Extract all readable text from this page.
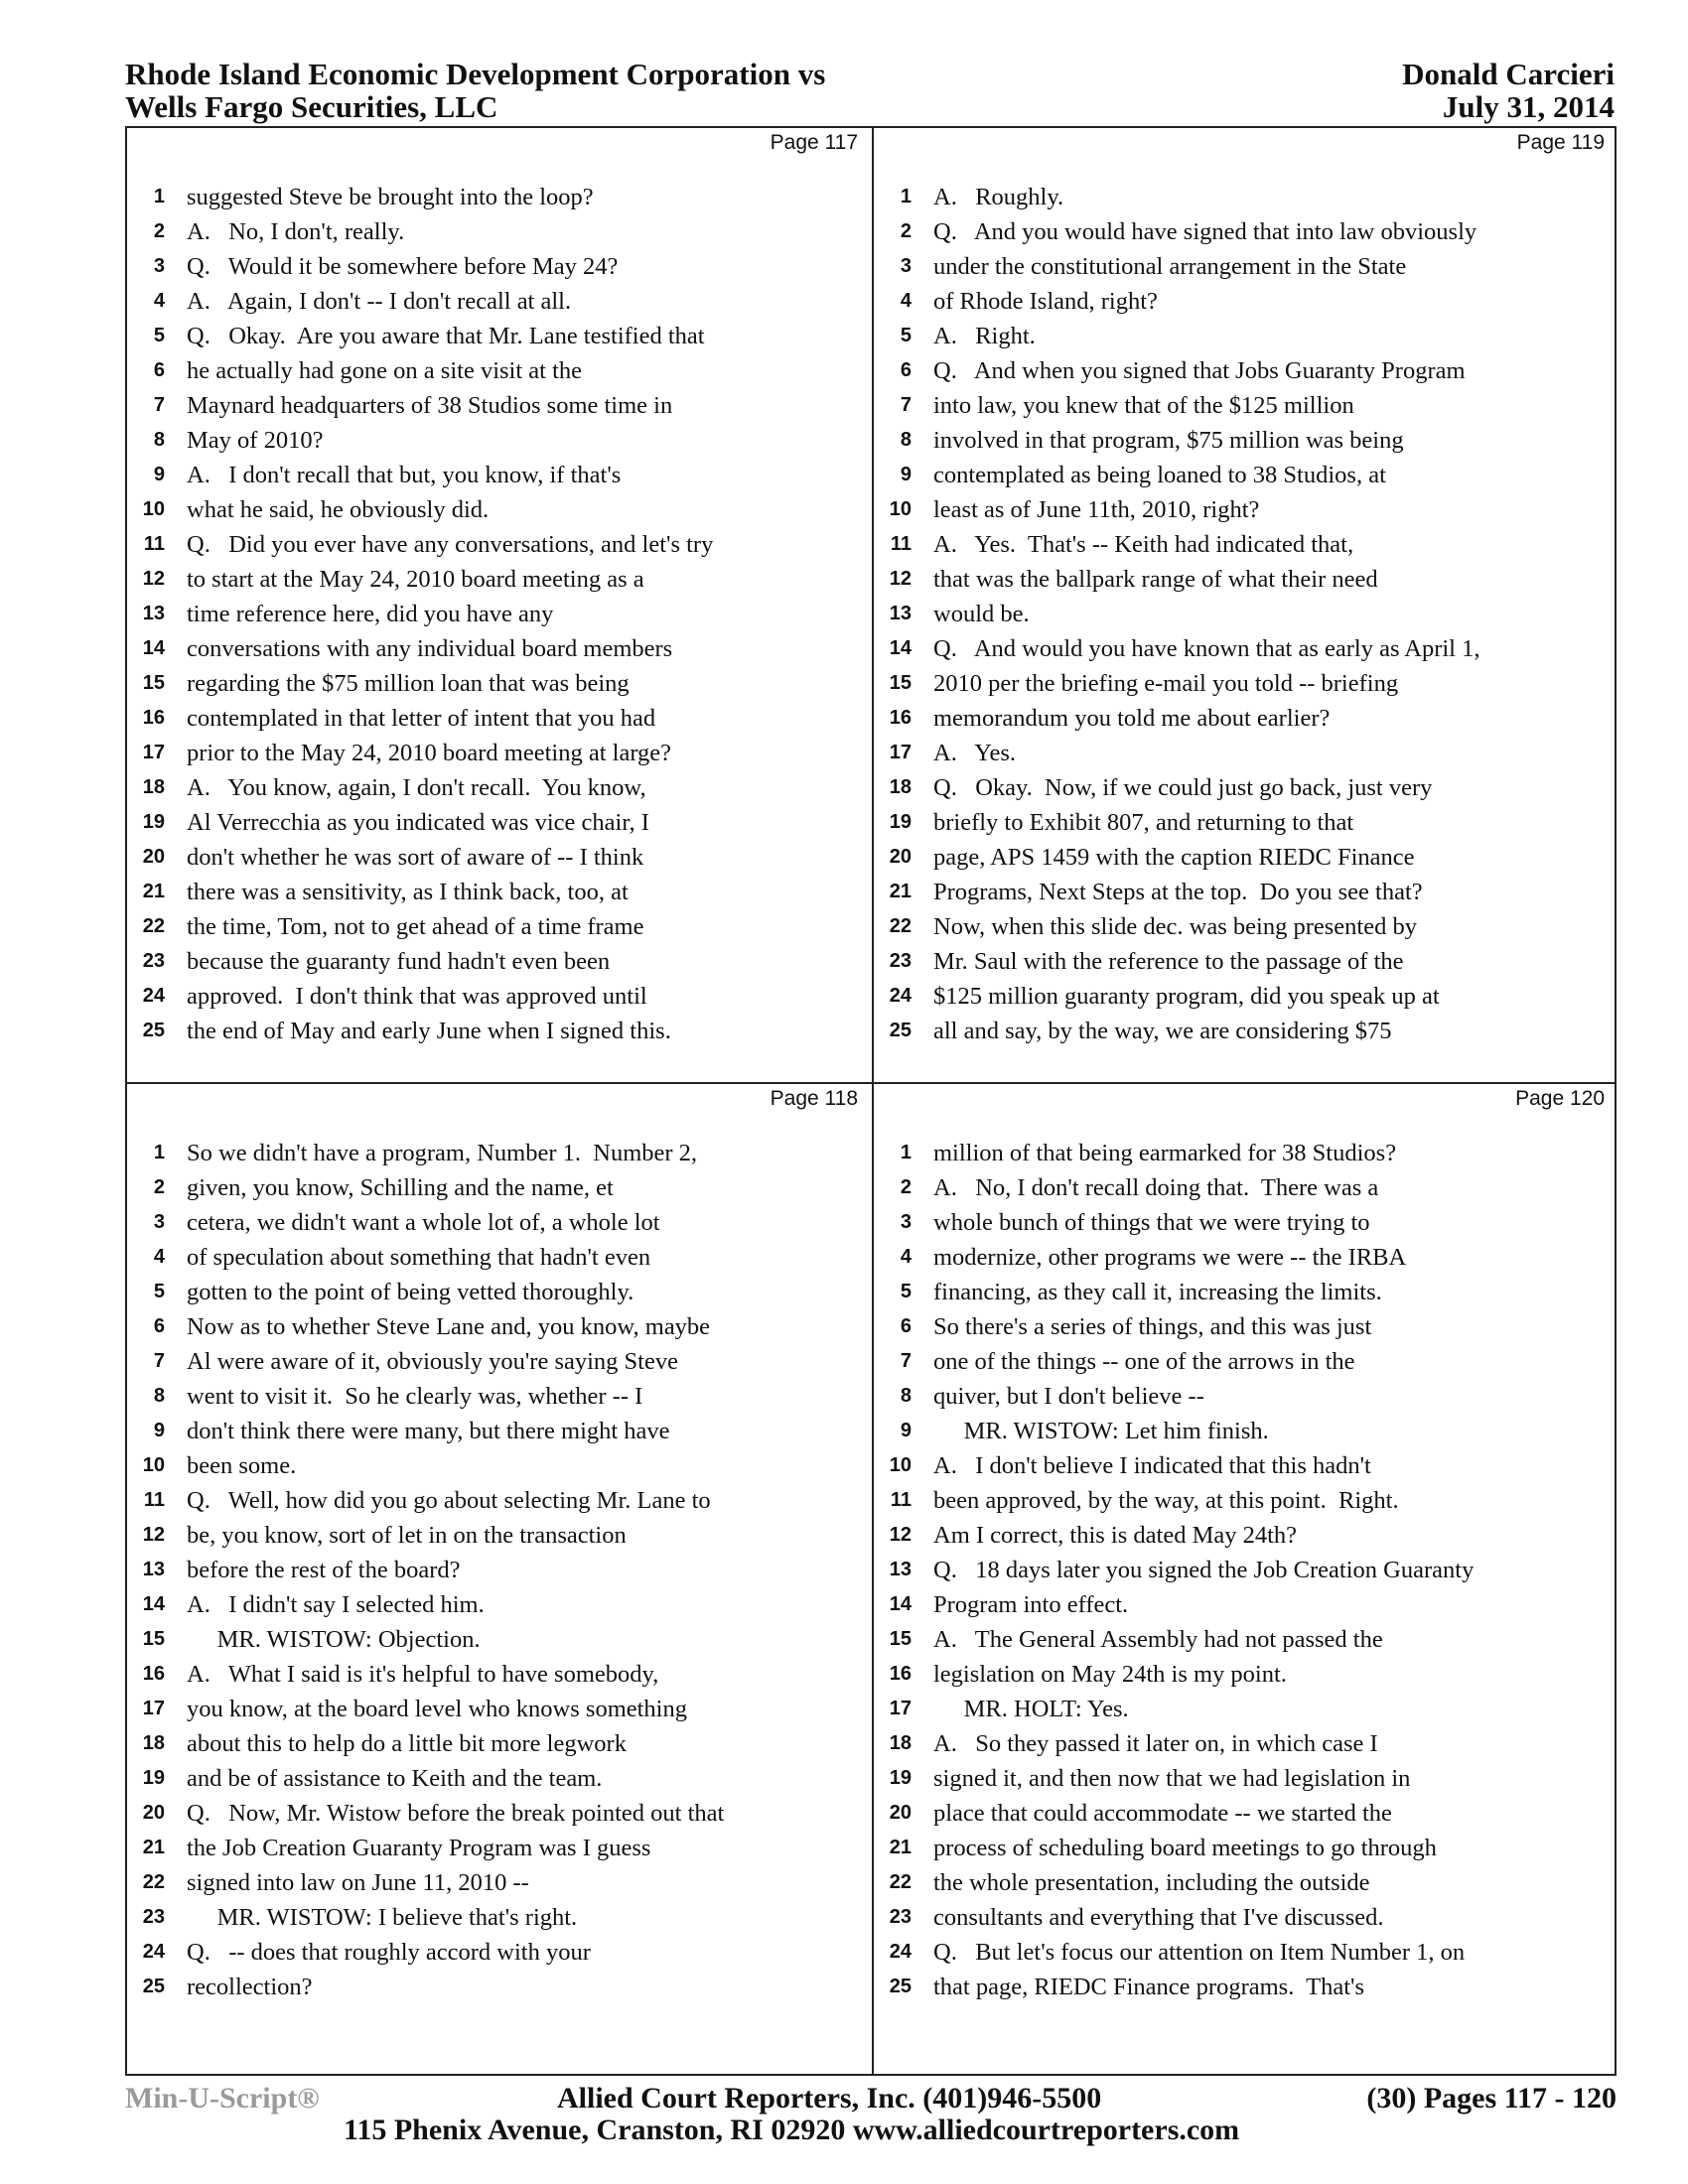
Rhode Island Economic Development Corporation vs
Wells Fargo Securities, LLC
Donald Carcieri
July 31, 2014
Page 117
1 suggested Steve be brought into the loop?
2 A.   No, I don't, really.
3 Q.   Would it be somewhere before May 24?
4 A.   Again, I don't -- I don't recall at all.
5 Q.   Okay.  Are you aware that Mr. Lane testified that
6 he actually had gone on a site visit at the
7 Maynard headquarters of 38 Studios some time in
8 May of 2010?
9 A.   I don't recall that but, you know, if that's
10 what he said, he obviously did.
11 Q.   Did you ever have any conversations, and let's try
12 to start at the May 24, 2010 board meeting as a
13 time reference here, did you have any
14 conversations with any individual board members
15 regarding the $75 million loan that was being
16 contemplated in that letter of intent that you had
17 prior to the May 24, 2010 board meeting at large?
18 A.   You know, again, I don't recall.  You know,
19 Al Verrecchia as you indicated was vice chair, I
20 don't whether he was sort of aware of -- I think
21 there was a sensitivity, as I think back, too, at
22 the time, Tom, not to get ahead of a time frame
23 because the guaranty fund hadn't even been
24 approved.  I don't think that was approved until
25 the end of May and early June when I signed this.
Page 119
1 A.   Roughly.
2 Q.   And you would have signed that into law obviously
3 under the constitutional arrangement in the State
4 of Rhode Island, right?
5 A.   Right.
6 Q.   And when you signed that Jobs Guaranty Program
7 into law, you knew that of the $125 million
8 involved in that program, $75 million was being
9 contemplated as being loaned to 38 Studios, at
10 least as of June 11th, 2010, right?
11 A.   Yes.  That's -- Keith had indicated that,
12 that was the ballpark range of what their need
13 would be.
14 Q.   And would you have known that as early as April 1,
15 2010 per the briefing e-mail you told -- briefing
16 memorandum you told me about earlier?
17 A.   Yes.
18 Q.   Okay.  Now, if we could just go back, just very
19 briefly to Exhibit 807, and returning to that
20 page, APS 1459 with the caption RIEDC Finance
21 Programs, Next Steps at the top.  Do you see that?
22 Now, when this slide dec. was being presented by
23 Mr. Saul with the reference to the passage of the
24 $125 million guaranty program, did you speak up at
25 all and say, by the way, we are considering $75
Page 118
1 So we didn't have a program, Number 1.  Number 2,
2 given, you know, Schilling and the name, et
3 cetera, we didn't want a whole lot of, a whole lot
4 of speculation about something that hadn't even
5 gotten to the point of being vetted thoroughly.
6 Now as to whether Steve Lane and, you know, maybe
7 Al were aware of it, obviously you're saying Steve
8 went to visit it.  So he clearly was, whether -- I
9 don't think there were many, but there might have
10 been some.
11 Q.   Well, how did you go about selecting Mr. Lane to
12 be, you know, sort of let in on the transaction
13 before the rest of the board?
14 A.   I didn't say I selected him.
15 MR. WISTOW: Objection.
16 A.   What I said is it's helpful to have somebody,
17 you know, at the board level who knows something
18 about this to help do a little bit more legwork
19 and be of assistance to Keith and the team.
20 Q.   Now, Mr. Wistow before the break pointed out that
21 the Job Creation Guaranty Program was I guess
22 signed into law on June 11, 2010 --
23 MR. WISTOW: I believe that's right.
24 Q.   -- does that roughly accord with your
25 recollection?
Page 120
1 million of that being earmarked for 38 Studios?
2 A.   No, I don't recall doing that.  There was a
3 whole bunch of things that we were trying to
4 modernize, other programs we were -- the IRBA
5 financing, as they call it, increasing the limits.
6 So there's a series of things, and this was just
7 one of the things -- one of the arrows in the
8 quiver, but I don't believe --
9 MR. WISTOW: Let him finish.
10 A.   I don't believe I indicated that this hadn't
11 been approved, by the way, at this point.  Right.
12 Am I correct, this is dated May 24th?
13 Q.   18 days later you signed the Job Creation Guaranty
14 Program into effect.
15 A.   The General Assembly had not passed the
16 legislation on May 24th is my point.
17 MR. HOLT: Yes.
18 A.   So they passed it later on, in which case I
19 signed it, and then now that we had legislation in
20 place that could accommodate -- we started the
21 process of scheduling board meetings to go through
22 the whole presentation, including the outside
23 consultants and everything that I've discussed.
24 Q.   But let's focus our attention on Item Number 1, on
25 that page, RIEDC Finance programs.  That's
Min-U-Script®	Allied Court Reporters, Inc. (401)946-5500	(30) Pages 117 - 120
115 Phenix Avenue, Cranston, RI 02920 www.alliedcourtreporters.com
